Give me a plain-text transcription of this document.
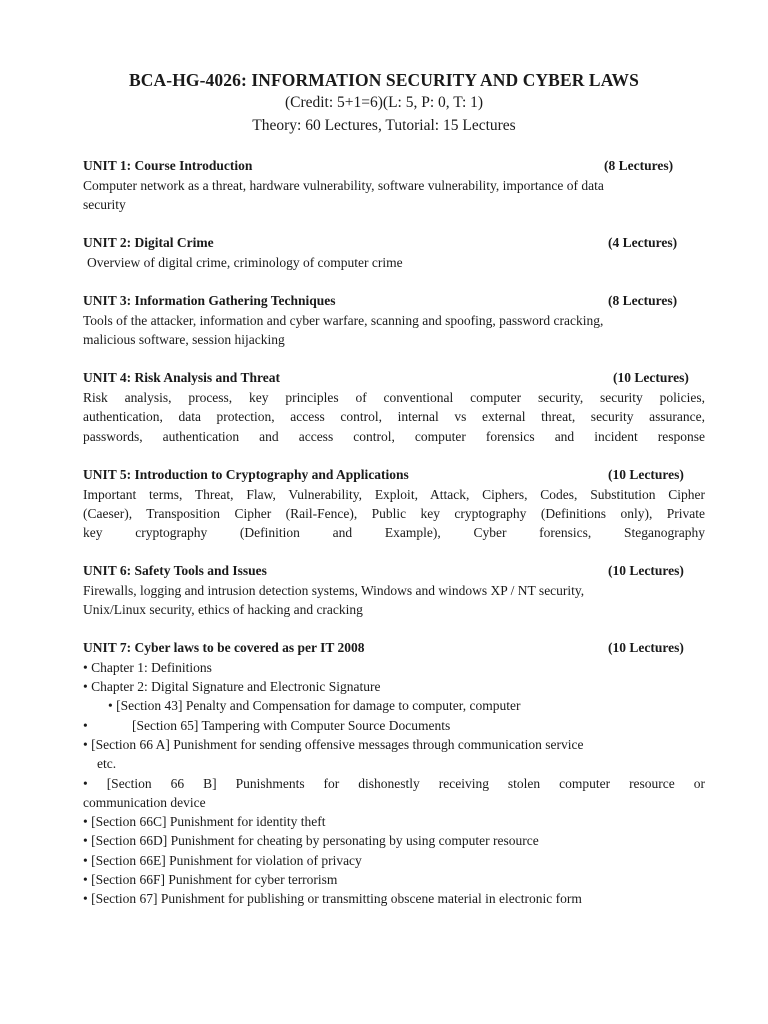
BCA-HG-4026: INFORMATION SECURITY AND CYBER LAWS
(Credit: 5+1=6)(L: 5, P: 0, T: 1)
Theory: 60 Lectures, Tutorial: 15 Lectures
UNIT 1: Course Introduction	(8 Lectures)
Computer network as a threat, hardware vulnerability, software vulnerability, importance of data
security
UNIT 2: Digital Crime	(4 Lectures)
Overview of digital crime, criminology of computer crime
UNIT 3: Information Gathering Techniques	(8 Lectures)
Tools of the attacker, information and cyber warfare, scanning and spoofing, password cracking,
malicious software, session hijacking
UNIT 4: Risk Analysis and Threat	(10 Lectures)
Risk analysis, process, key principles of conventional computer security, security policies,
authentication, data protection, access control, internal vs external threat, security assurance,
passwords, authentication and access control, computer forensics and incident response
UNIT 5: Introduction to Cryptography and Applications	(10 Lectures)
Important terms, Threat, Flaw, Vulnerability, Exploit, Attack, Ciphers, Codes, Substitution Cipher
(Caeser), Transposition Cipher (Rail-Fence), Public key cryptography (Definitions only), Private
key cryptography (Definition and Example), Cyber forensics, Steganography
UNIT 6: Safety Tools and Issues	(10 Lectures)
Firewalls, logging and intrusion detection systems, Windows and windows XP / NT security,
Unix/Linux security, ethics of hacking and cracking
UNIT 7: Cyber laws to be covered as per IT 2008	(10 Lectures)
• Chapter 1: Definitions
• Chapter 2: Digital Signature and Electronic Signature
• [Section 43] Penalty and Compensation for damage to computer, computer
•	[Section 65] Tampering with Computer Source Documents
• [Section 66 A] Punishment for sending offensive messages through communication service
etc.
• [Section 66 B] Punishments for dishonestly receiving stolen computer resource or
communication device
• [Section 66C] Punishment for identity theft
• [Section 66D] Punishment for cheating by personating by using computer resource
• [Section 66E] Punishment for violation of privacy
• [Section 66F] Punishment for cyber terrorism
• [Section 67] Punishment for publishing or transmitting obscene material in electronic form
